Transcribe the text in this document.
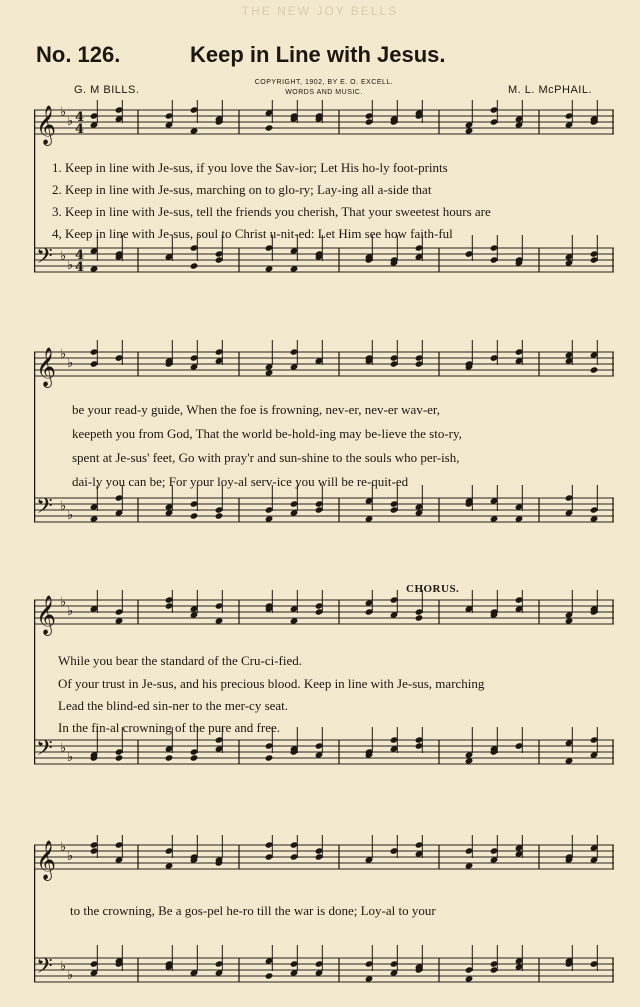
THE NEW JOY BELLS
No. 126.	Keep in Line with Jesus.
G. M BILLS.
COPYRIGHT, 1902, BY E. O. EXCELL.
WORDS AND MUSIC.	M. L. McPHAIL.
𝄞 ♭
♭ 4
4
𝄢 ♭
♭
4
4
1. Keep in line with Je-sus, if you love the Sav-ior; Let His ho-ly foot-prints
2. Keep in line with Je-sus, marching on to glo-ry; Lay-ing all a-side that
3. Keep in line with Je-sus, tell the friends you cherish, That your sweetest hours are
4, Keep in line with Je-sus, soul to Christ u-nit-ed: Let Him see how faith-ful
𝄞 ♭
♭
𝄢 ♭
♭
be your read-y guide, When the foe is frowning, nev-er, nev-er wav-er,
keepeth you from God, That the world be-hold-ing may be-lieve the sto-ry,
spent at Je-sus' feet, Go with pray'r and sun-shine to the souls who per-ish,
dai-ly you can be; For your loy-al serv-ice you will be re-quit-ed
𝄞 ♭
♭
𝄢 ♭
♭
CHORUS.
While you bear the standard of the Cru-ci-fied.
Of your trust in Je-sus, and his precious blood. Keep in line with Je-sus, marching
Lead the blind-ed sin-ner to the mer-cy seat.
In the fin-al crowning of the pure and free.
𝄞 ♭
♭
𝄢 ♭
♭
to the crowning, Be a gos-pel he-ro till the war is done; Loy-al to your
